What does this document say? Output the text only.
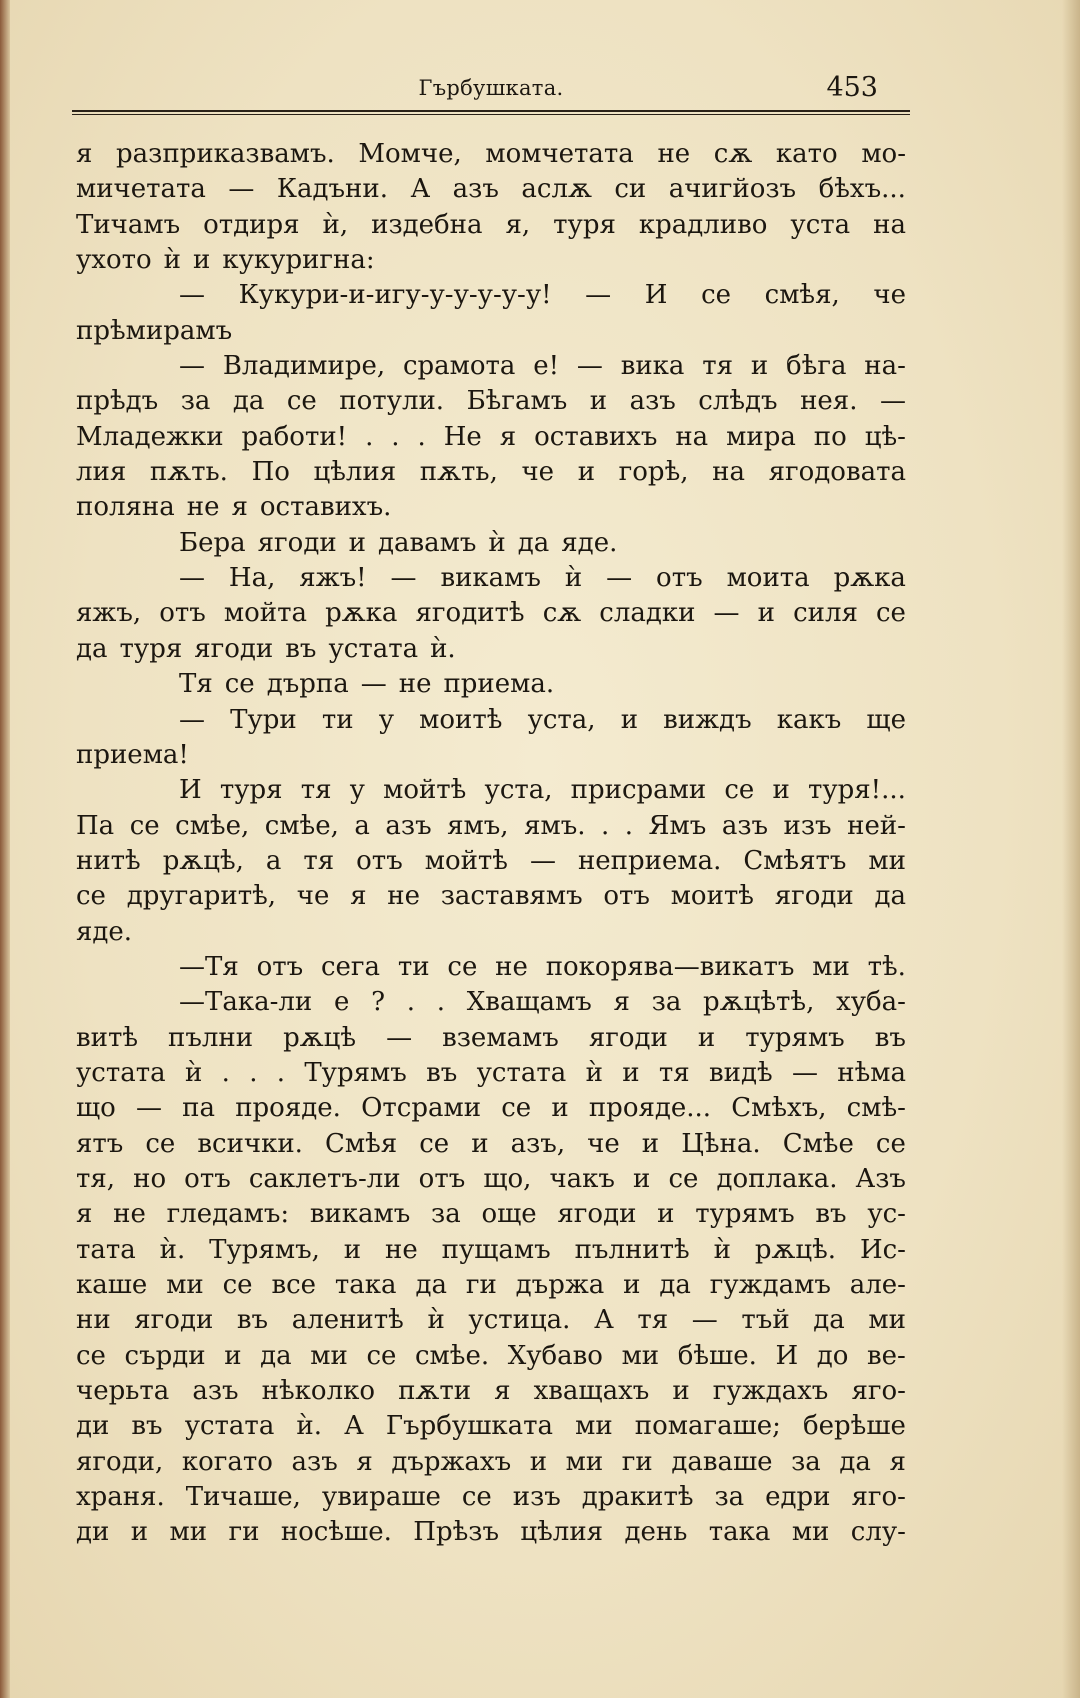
Гърбушката.	453
я разприказвамъ. Момче, момчетата не сѫ като мо-
мичетата — Кадъни. А азъ аслѫ си ачигйозъ бѣхъ...
Тичамъ отдиря ѝ, издебна я, туря крадливо уста на
ухото ѝ и кукуригна:
— Кукури-и-игу-у-у-у-у-у! — И се смѣя, че
прѣмирамъ
— Владимире, срамота е! — вика тя и бѣга на-
прѣдъ за да се потули. Бѣгамъ и азъ слѣдъ нея. —
Младежки работи! . . . Не я оставихъ на мира по цѣ-
лия пѫть. По цѣлия пѫть, че и горѣ, на ягодовата
поляна не я оставихъ.
Бера ягоди и давамъ ѝ да яде.
— На, яжъ! — викамъ ѝ — отъ моита рѫка
яжъ, отъ мойта рѫка ягодитѣ сѫ сладки — и силя се
да туря ягоди въ устата ѝ.
Тя се дърпа — не приема.
— Тури ти у моитѣ уста, и виждъ какъ ще
приема!
И туря тя у мойтѣ уста, присрами се и туря!...
Па се смѣе, смѣе, а азъ ямъ, ямъ. . . Ямъ азъ изъ ней-
нитѣ рѫцѣ, а тя отъ мойтѣ — неприема. Смѣятъ ми
се другаритѣ, че я не заставямъ отъ моитѣ ягоди да
яде.
—Тя отъ сега ти се не покорява—викатъ ми тѣ.
—Така-ли е ? . . Хващамъ я за рѫцѣтѣ, хуба-
витѣ пълни рѫцѣ — вземамъ ягоди и турямъ въ
устата ѝ . . . Турямъ въ устата ѝ и тя видѣ — нѣма
що — па прояде. Отсрами се и прояде... Смѣхъ, смѣ-
ятъ се всички. Смѣя се и азъ, че и Цѣна. Смѣе се
тя, но отъ саклетъ-ли отъ що, чакъ и се доплака. Азъ
я не гледамъ: викамъ за още ягоди и турямъ въ ус-
тата ѝ. Турямъ, и не пущамъ пълнитѣ ѝ рѫцѣ. Ис-
каше ми се все така да ги държа и да гуждамъ але-
ни ягоди въ аленитѣ ѝ устица. А тя — тъй да ми
се сърди и да ми се смѣе. Хубаво ми бѣше. И до ве-
черьта азъ нѣколко пѫти я хващахъ и гуждахъ яго-
ди въ устата ѝ. А Гърбушката ми помагаше; берѣше
ягоди, когато азъ я държахъ и ми ги даваше за да я
храня. Тичаше, увираше се изъ дракитѣ за едри яго-
ди и ми ги носѣше. Прѣзъ цѣлия день така ми слу-
